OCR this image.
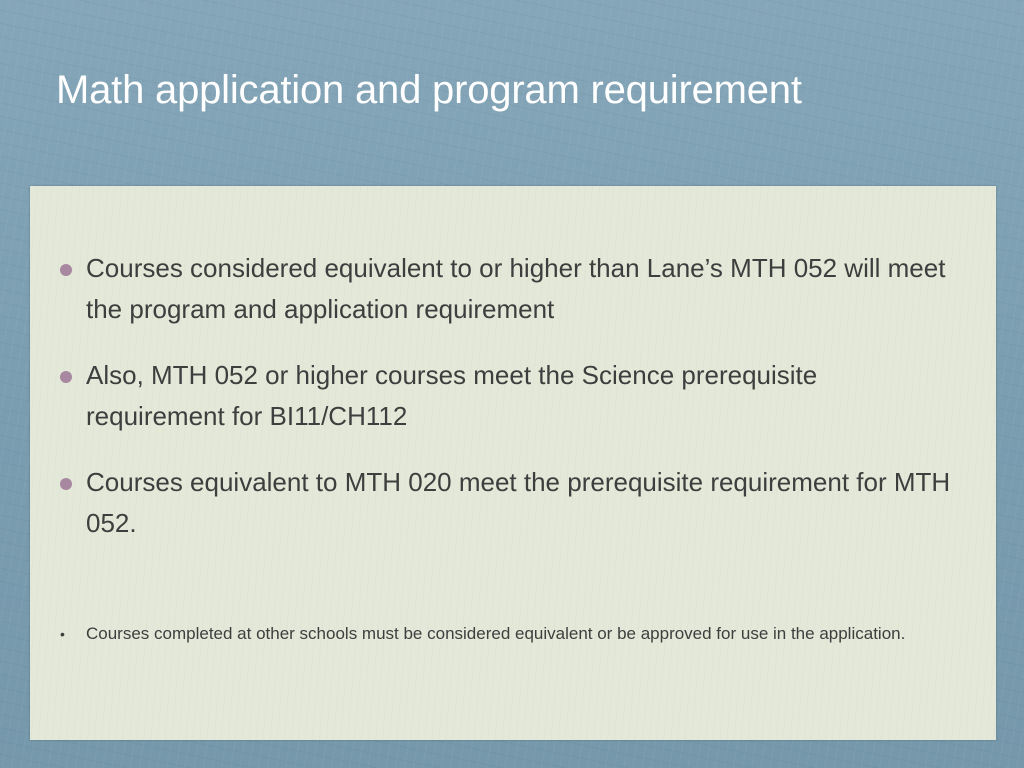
Math application and program requirement
Courses considered equivalent to or higher than Lane’s MTH 052 will meet the program and application requirement
Also, MTH 052 or higher courses meet the Science prerequisite requirement for BI11/CH112
Courses equivalent to MTH 020 meet the prerequisite requirement for MTH 052.
• Courses completed at other schools must be considered equivalent or be approved for use in the application.
